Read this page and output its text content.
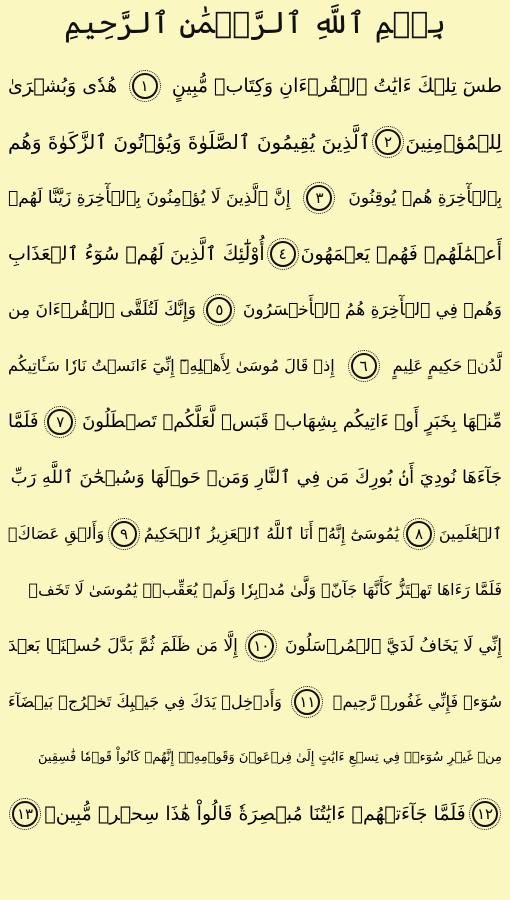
بِسۡمِ ٱللَّهِ ٱلرَّحۡمَٰنِ ٱلرَّحِيمِ
طسٓ تِلۡكَ ءَايَٰتُ ٱلۡقُرۡءَانِ وَكِتَابٖ مُّبِينٍ
١
هُدٗى وَبُشۡرَىٰ
لِلۡمُؤۡمِنِينَ
٢
ٱلَّذِينَ يُقِيمُونَ ٱلصَّلَوٰةَ وَيُؤۡتُونَ ٱلزَّكَوٰةَ وَهُم
بِٱلۡأٓخِرَةِ هُمۡ يُوقِنُونَ
٣
إِنَّ ٱلَّذِينَ لَا يُؤۡمِنُونَ بِٱلۡأٓخِرَةِ زَيَّنَّا لَهُمۡ
أَعۡمَٰلَهُمۡ فَهُمۡ يَعۡمَهُونَ
٤
أُوْلَٰٓئِكَ ٱلَّذِينَ لَهُمۡ سُوٓءُ ٱلۡعَذَابِ
وَهُمۡ فِي ٱلۡأٓخِرَةِ هُمُ ٱلۡأَخۡسَرُونَ
٥
وَإِنَّكَ لَتُلَقَّى ٱلۡقُرۡءَانَ مِن
لَّدُنۡ حَكِيمٍ عَلِيمٍ
٦
إِذۡ قَالَ مُوسَىٰ لِأَهۡلِهِۦٓ إِنِّيٓ ءَانَسۡتُ نَارٗا سَـَٔاتِيكُم
مِّنۡهَا بِخَبَرٍ أَوۡ ءَاتِيكُم بِشِهَابٖ قَبَسٖ لَّعَلَّكُمۡ تَصۡطَلُونَ
٧
فَلَمَّا
جَآءَهَا نُودِيَ أَنۢ بُورِكَ مَن فِي ٱلنَّارِ وَمَنۡ حَوۡلَهَا وَسُبۡحَٰنَ ٱللَّهِ رَبِّ
ٱلۡعَٰلَمِينَ
٨
يَٰمُوسَىٰٓ إِنَّهُۥٓ أَنَا ٱللَّهُ ٱلۡعَزِيزُ ٱلۡحَكِيمُ
٩
وَأَلۡقِ عَصَاكَۚ
فَلَمَّا رَءَاهَا تَهۡتَزُّ كَأَنَّهَا جَآنّٞ وَلَّىٰ مُدۡبِرٗا وَلَمۡ يُعَقِّبۡۚ يَٰمُوسَىٰ لَا تَخَفۡ
إِنِّي لَا يَخَافُ لَدَيَّ ٱلۡمُرۡسَلُونَ
١٠
إِلَّا مَن ظَلَمَ ثُمَّ بَدَّلَ حُسۡنَۢا بَعۡدَ
سُوٓءٖ فَإِنِّي غَفُورٞ رَّحِيمٞ
١١
وَأَدۡخِلۡ يَدَكَ فِي جَيۡبِكَ تَخۡرُجۡ بَيۡضَآءَ
مِنۡ غَيۡرِ سُوٓءٖۖ فِي تِسۡعِ ءَايَٰتٍ إِلَىٰ فِرۡعَوۡنَ وَقَوۡمِهِۦٓۚ إِنَّهُمۡ كَانُواْ قَوۡمٗا فَٰسِقِينَ
١٢
فَلَمَّا جَآءَتۡهُمۡ ءَايَٰتُنَا مُبۡصِرَةٗ قَالُواْ هَٰذَا سِحۡرٞ مُّبِينٞ
١٣
